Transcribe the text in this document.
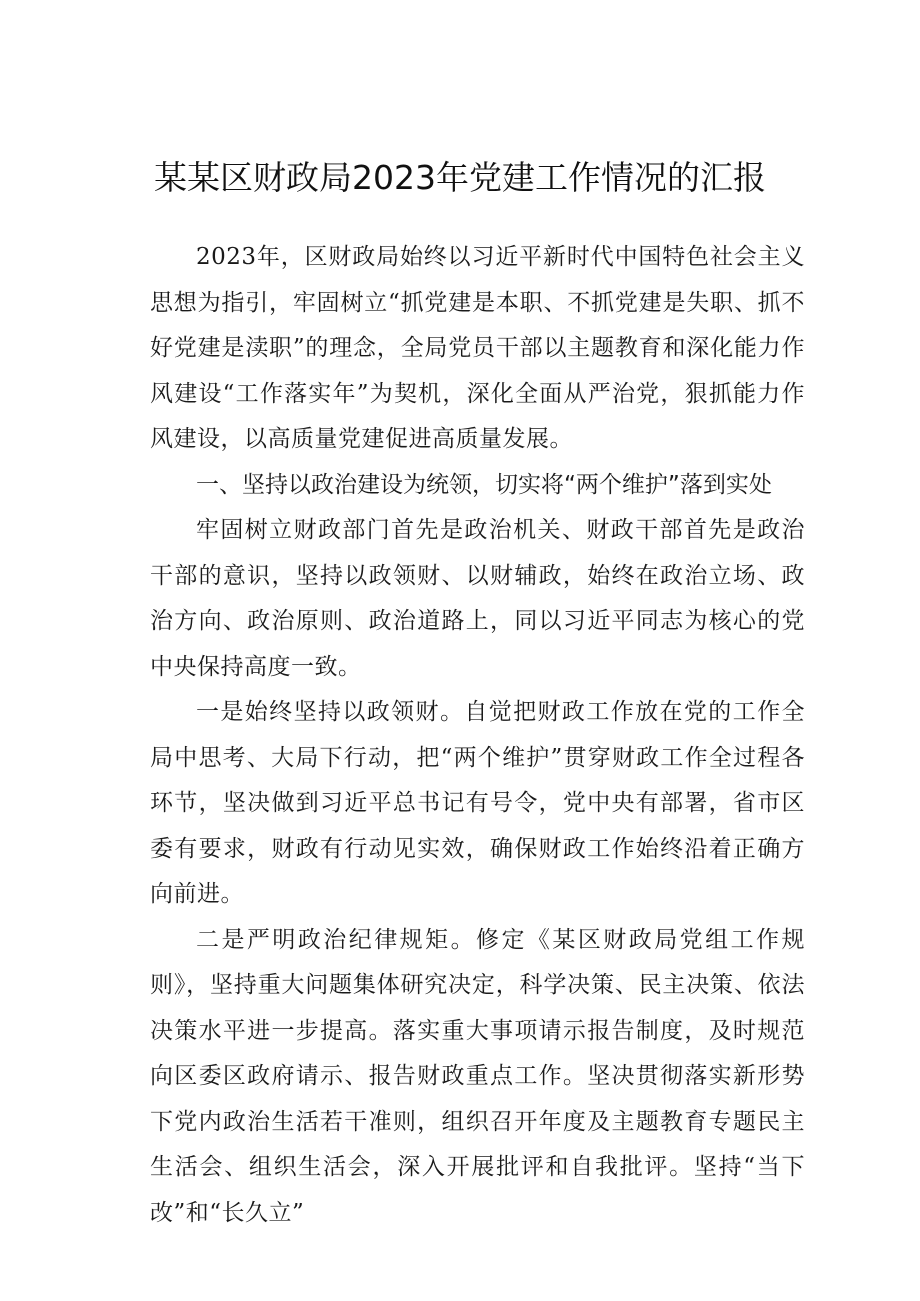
某某区财政局2023年党建工作情况的汇报

2023年，区财政局始终以习近平新时代中国特色社会主义思想为指引，牢固树立“抓党建是本职、不抓党建是失职、抓不好党建是渎职”的理念，全局党员干部以主题教育和深化能力作风建设“工作落实年”为契机，深化全面从严治党，狠抓能力作风建设，以高质量党建促进高质量发展。

一、坚持以政治建设为统领，切实将“两个维护”落到实处

牢固树立财政部门首先是政治机关、财政干部首先是政治干部的意识，坚持以政领财、以财辅政，始终在政治立场、政治方向、政治原则、政治道路上，同以习近平同志为核心的党中央保持高度一致。

一是始终坚持以政领财。自觉把财政工作放在党的工作全局中思考、大局下行动，把“两个维护”贯穿财政工作全过程各环节，坚决做到习近平总书记有号令，党中央有部署，省市区委有要求，财政有行动见实效，确保财政工作始终沿着正确方向前进。

二是严明政治纪律规矩。修定《某区财政局党组工作规则》，坚持重大问题集体研究决定，科学决策、民主决策、依法决策水平进一步提高。落实重大事项请示报告制度，及时规范向区委区政府请示、报告财政重点工作。坚决贯彻落实新形势下党内政治生活若干准则，组织召开年度及主题教育专题民主生活会、组织生活会，深入开展批评和自我批评。坚持“当下改”和“长久立”
